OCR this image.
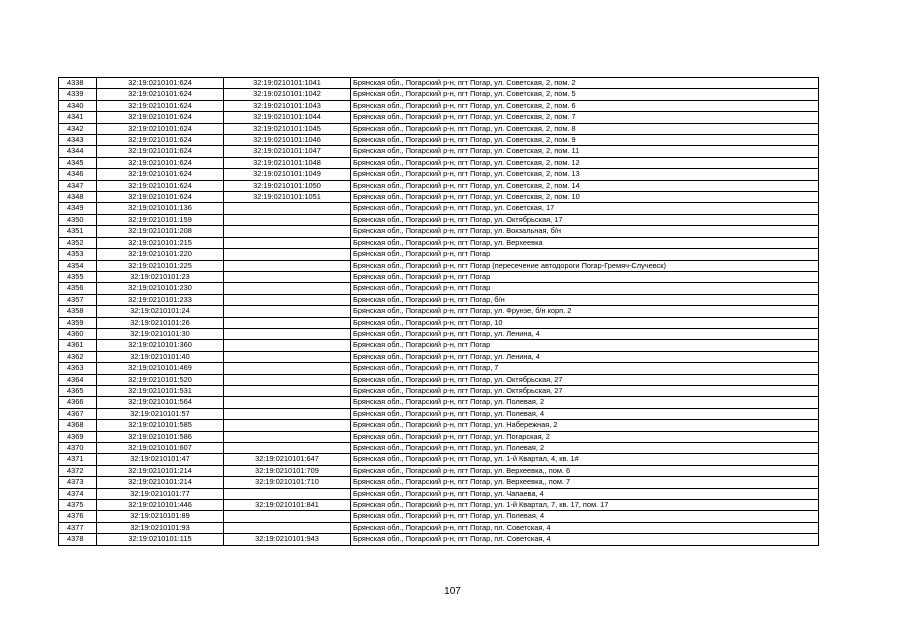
4338	32:19:0210101:624	32:19:0210101:1041	Брянская обл., Погарский р-н, пгт Погар, ул. Советская, 2, пом. 2
4339	32:19:0210101:624	32:19:0210101:1042	Брянская обл., Погарский р-н, пгт Погар, ул. Советская, 2, пом. 5
4340	32:19:0210101:624	32:19:0210101:1043	Брянская обл., Погарский р-н, пгт Погар, ул. Советская, 2, пом. 6
4341	32:19:0210101:624	32:19:0210101:1044	Брянская обл., Погарский р-н, пгт Погар, ул. Советская, 2, пом. 7
4342	32:19:0210101:624	32:19:0210101:1045	Брянская обл., Погарский р-н, пгт Погар, ул. Советская, 2, пом. 8
4343	32:19:0210101:624	32:19:0210101:1046	Брянская обл., Погарский р-н, пгт Погар, ул. Советская, 2, пом. 9
4344	32:19:0210101:624	32:19:0210101:1047	Брянская обл., Погарский р-н, пгт Погар, ул. Советская, 2, пом. 11
4345	32:19:0210101:624	32:19:0210101:1048	Брянская обл., Погарский р-н, пгт Погар, ул. Советская, 2, пом. 12
4346	32:19:0210101:624	32:19:0210101:1049	Брянская обл., Погарский р-н, пгт Погар, ул. Советская, 2, пом. 13
4347	32:19:0210101:624	32:19:0210101:1050	Брянская обл., Погарский р-н, пгт Погар, ул. Советская, 2, пом. 14
4348	32:19:0210101:624	32:19:0210101:1051	Брянская обл., Погарский р-н, пгт Погар, ул. Советская, 2, пом. 10
4349	32:19:0210101:136		Брянская обл., Погарский р-н, пгт Погар, ул. Советская, 17
4350	32:19:0210101:159		Брянская обл., Погарский р-н, пгт Погар, ул. Октябрьская, 17
4351	32:19:0210101:208		Брянская обл., Погарский р-н, пгт Погар, ул. Вокзальная, б/н
4352	32:19:0210101:215		Брянская обл., Погарский р-н, пгт Погар, ул. Верхеевка
4353	32:19:0210101:220		Брянская обл., Погарский р-н, пгт Погар
4354	32:19:0210101:225		Брянская обл., Погарский р-н, пгт Погар (пересечение автодороги Погар-Гремяч-Случевск)
4355	32:19:0210101:23		Брянская обл., Погарский р-н, пгт Погар
4356	32:19:0210101:230		Брянская обл., Погарский р-н, пгт Погар
4357	32:19:0210101:233		Брянская обл., Погарский р-н, пгт Погар, б/н
4358	32:19:0210101:24		Брянская обл., Погарский р-н, пгт Погар, ул. Фрунзе, б/н корп. 2
4359	32:19:0210101:26		Брянская обл., Погарский р-н, пгт Погар, 10
4360	32:19:0210101:30		Брянская обл., Погарский р-н, пгт Погар, ул. Ленина, 4
4361	32:19:0210101:360		Брянская обл., Погарский р-н, пгт Погар
4362	32:19:0210101:40		Брянская обл., Погарский р-н, пгт Погар, ул. Ленина, 4
4363	32:19:0210101:469		Брянская обл., Погарский р-н, пгт Погар, 7
4364	32:19:0210101:520		Брянская обл., Погарский р-н, пгт Погар, ул. Октябрьская, 27
4365	32:19:0210101:531		Брянская обл., Погарский р-н, пгт Погар, ул. Октябрьская, 27
4366	32:19:0210101:564		Брянская обл., Погарский р-н, пгт Погар, ул. Полевая, 2
4367	32:19:0210101:57		Брянская обл., Погарский р-н, пгт Погар, ул. Полевая, 4
4368	32:19:0210101:585		Брянская обл., Погарский р-н, пгт Погар, ул. Набережная, 2
4369	32:19:0210101:586		Брянская обл., Погарский р-н, пгт Погар, ул. Погарская, 2
4370	32:19:0210101:607		Брянская обл., Погарский р-н, пгт Погар, ул. Полевая, 2
4371	32:19:0210101:47	32:19:0210101:647	Брянская обл., Погарский р-н, пгт Погар, ул. 1-й Квартал, 4, кв. 1#
4372	32:19:0210101:214	32:19:0210101:709	Брянская обл., Погарский р-н, пгт Погар, ул. Верхеевка,, пом. 6
4373	32:19:0210101:214	32:19:0210101:710	Брянская обл., Погарский р-н, пгт Погар, ул. Верхеевка,, пом. 7
4374	32:19:0210101:77		Брянская обл., Погарский р-н, пгт Погар, ул. Чапаева, 4
4375	32:19:0210101:446	32:19:0210101:841	Брянская обл., Погарский р-н, пгт Погар, ул. 1-й Квартал, 7, кв. 17, пом. 17
4376	32:19:0210101:89		Брянская обл., Погарский р-н, пгт Погар, ул. Полевая, 4
4377	32:19:0210101:93		Брянская обл., Погарский р-н, пгт Погар, пл. Советская, 4
4378	32:19:0210101:115	32:19:0210101:943	Брянская обл., Погарский р-н, пгт Погар, пл. Советская, 4
107
